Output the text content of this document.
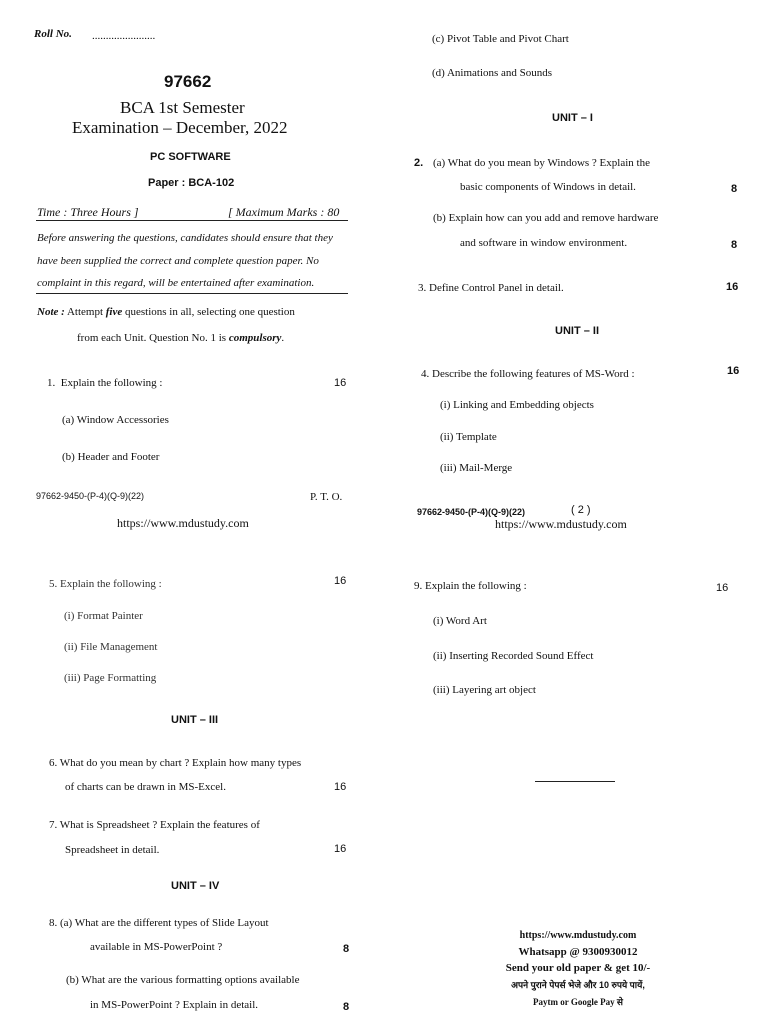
Roll No. .......................
97662
BCA 1st Semester
Examination – December, 2022
PC SOFTWARE
Paper : BCA-102
Time : Three Hours ]	[ Maximum Marks : 80
Before answering the questions, candidates should ensure that they
have been supplied the correct and complete question paper. No
complaint in this regard, will be entertained after examination.
Note : Attempt five questions in all, selecting one question
from each Unit. Question No. 1 is compulsory.
1. Explain the following :	16
(a) Window Accessories
(b) Header and Footer
97662-9450-(P-4)(Q-9)(22)	P. T. O.
https://www.mdustudy.com
(c) Pivot Table and Pivot Chart
(d) Animations and Sounds
UNIT – I
2. (a) What do you mean by Windows ? Explain the
basic components of Windows in detail.	8
(b) Explain how can you add and remove hardware
and software in window environment.	8
3. Define Control Panel in detail.	16
UNIT – II
4. Describe the following features of MS-Word :	16
(i) Linking and Embedding objects
(ii) Template
(iii) Mail-Merge
97662-9450-(P-4)(Q-9)(22)	( 2 )
https://www.mdustudy.com
5. Explain the following :	16
(i) Format Painter
(ii) File Management
(iii) Page Formatting
UNIT – III
6. What do you mean by chart ? Explain how many types
of charts can be drawn in MS-Excel.	16
7. What is Spreadsheet ? Explain the features of
Spreadsheet in detail.	16
UNIT – IV
8. (a) What are the different types of Slide Layout
available in MS-PowerPoint ?	8
(b) What are the various formatting options available
in MS-PowerPoint ? Explain in detail.	8
9. Explain the following :	16
(i) Word Art
(ii) Inserting Recorded Sound Effect
(iii) Layering art object
https://www.mdustudy.com
Whatsapp @ 9300930012
Send your old paper & get 10/-
अपने पुराने पेपर्स भेजे और 10 रुपये पायें,
Paytm or Google Pay से
